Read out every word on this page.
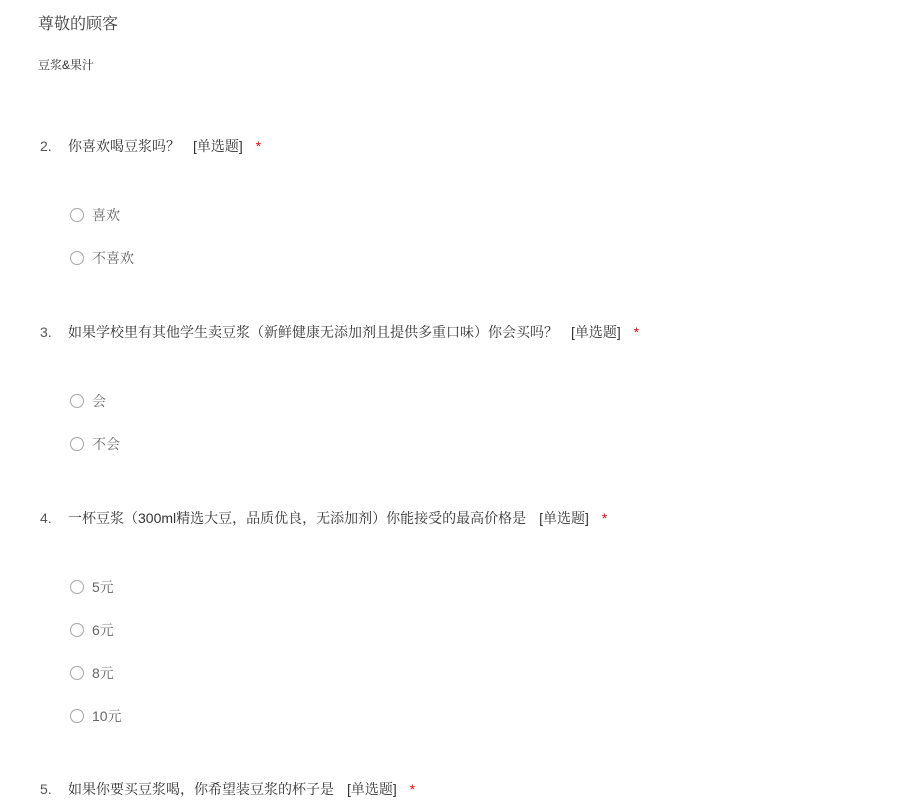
尊敬的顾客
豆浆&果汁
2. 你喜欢喝豆浆吗？ [单选题] *
喜欢
不喜欢
3. 如果学校里有其他学生卖豆浆（新鲜健康无添加剂且提供多重口味）你会买吗？ [单选题] *
会
不会
4. 一杯豆浆（300ml精选大豆，品质优良，无添加剂）你能接受的最高价格是 [单选题] *
5元
6元
8元
10元
5. 如果你要买豆浆喝，你希望装豆浆的杯子是 [单选题] *
